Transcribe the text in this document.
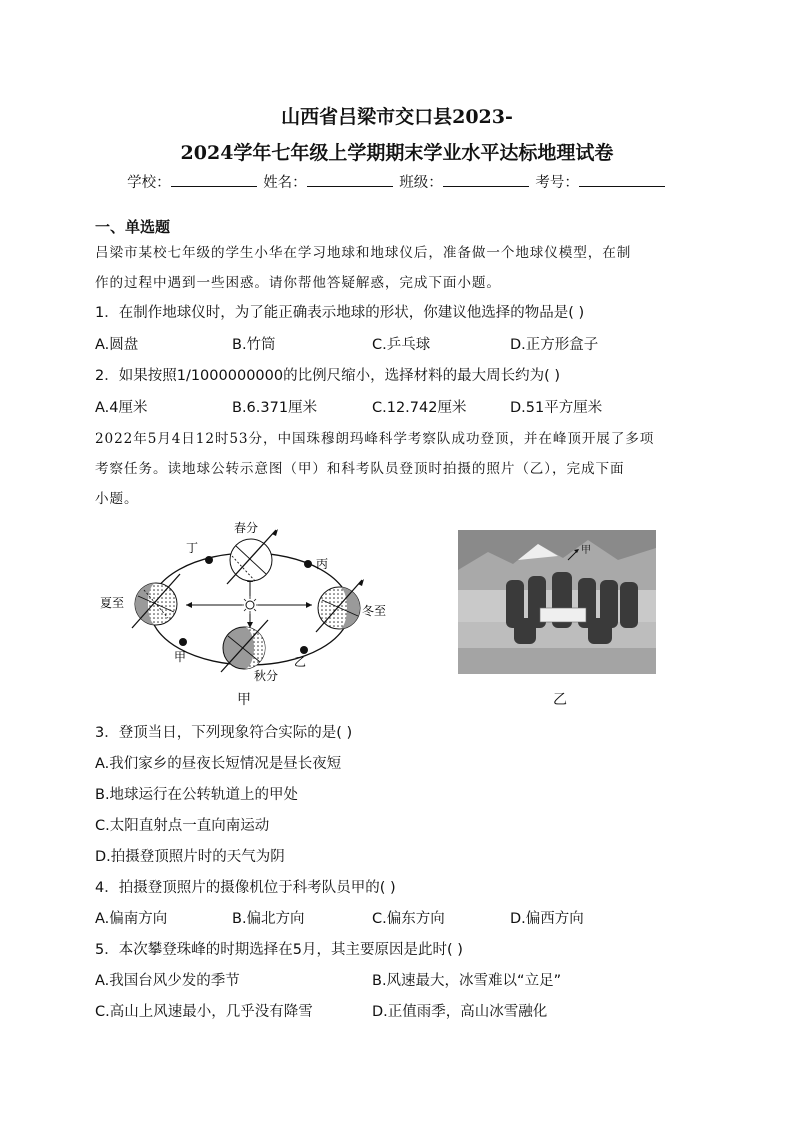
山西省吕梁市交口县2023-
2024学年七年级上学期期末学业水平达标地理试卷
学校：	姓名：	班级：	考号：
一、单选题
吕梁市某校七年级的学生小华在学习地球和地球仪后，准备做一个地球仪模型，在制
作的过程中遇到一些困惑。请你帮他答疑解惑，完成下面小题。
1．在制作地球仪时，为了能正确表示地球的形状，你建议他选择的物品是( )
A.圆盘	B.竹筒	C.乒乓球	D.正方形盒子
2．如果按照1/1000000000的比例尺缩小，选择材料的最大周长约为( )
A.4厘米	B.6.371厘米	C.12.742厘米	D.51平方厘米
2022年5月4日12时53分，中国珠穆朗玛峰科学考察队成功登顶，并在峰顶开展了多项
考察任务。读地球公转示意图（甲）和科考队员登顶时拍摄的照片（乙），完成下面
小题。
春分
夏至
冬至
秋分
丁
丙
甲	乙
甲
甲
乙
3．登顶当日，下列现象符合实际的是( )
A.我们家乡的昼夜长短情况是昼长夜短
B.地球运行在公转轨道上的甲处
C.太阳直射点一直向南运动
D.拍摄登顶照片时的天气为阴
4．拍摄登顶照片的摄像机位于科考队员甲的( )
A.偏南方向	B.偏北方向	C.偏东方向	D.偏西方向
5．本次攀登珠峰的时期选择在5月，其主要原因是此时( )
A.我国台风少发的季节	B.风速最大，冰雪难以“立足”
C.高山上风速最小，几乎没有降雪	D.正值雨季，高山冰雪融化
